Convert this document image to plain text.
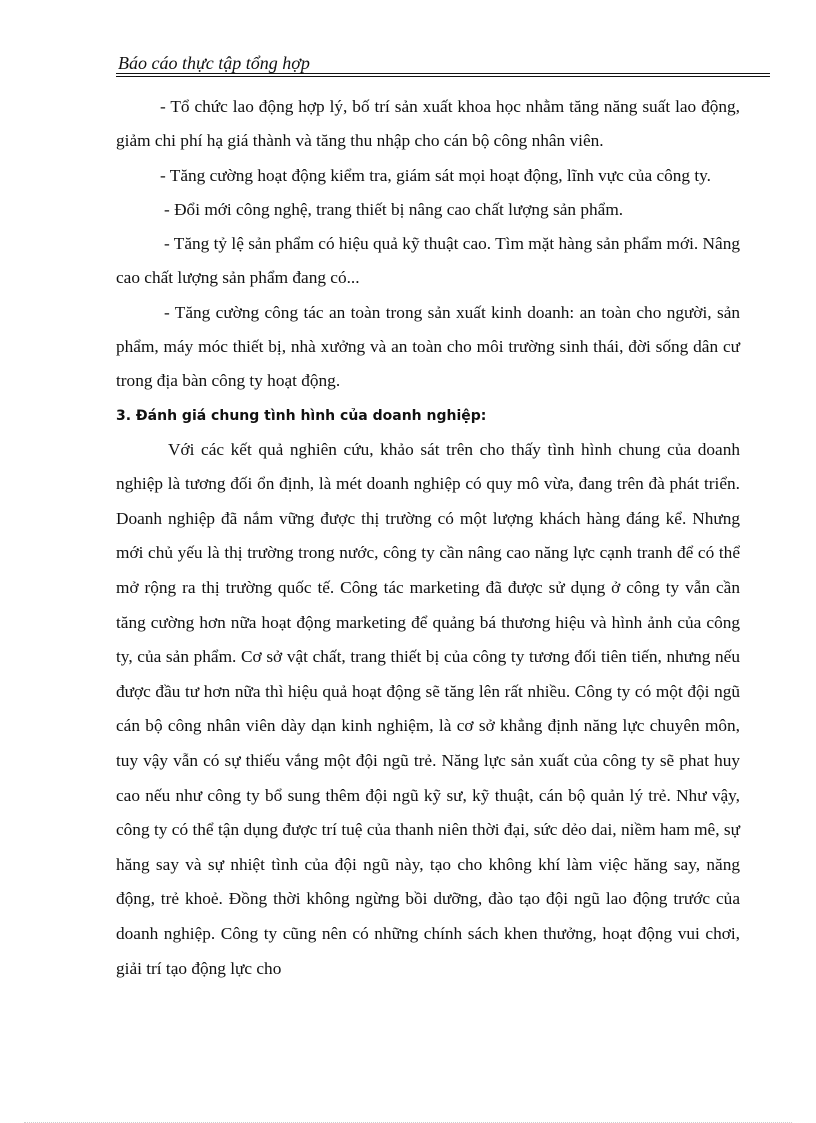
Báo cáo thực tập tổng hợp

- Tổ chức lao động hợp lý, bố trí sản xuất khoa học nhằm tăng năng suất lao động, giảm chi phí hạ giá thành và tăng thu nhập cho cán bộ công nhân viên.

- Tăng cường hoạt động kiểm tra, giám sát mọi hoạt động, lĩnh vực của công ty.

- Đổi mới công nghệ, trang thiết bị nâng cao chất lượng sản phẩm.

- Tăng tỷ lệ sản phẩm có hiệu quả kỹ thuật cao. Tìm mặt hàng sản phẩm mới. Nâng cao chất lượng sản phẩm đang có...

- Tăng cường công tác an toàn trong sản xuất kinh doanh: an toàn cho người, sản phẩm, máy móc thiết bị, nhà xưởng và an toàn cho môi trường sinh thái, đời sống dân cư trong địa bàn công ty hoạt động.

3. Đánh giá chung tình hình của doanh nghiệp:

Với các kết quả nghiên cứu, khảo sát trên cho thấy tình hình chung của doanh nghiệp là tương đối ổn định, là mét doanh nghiệp có quy mô vừa, đang trên đà phát triển. Doanh nghiệp đã nắm vững được thị trường có một lượng khách hàng đáng kể. Nhưng mới chủ yếu là thị trường trong nước, công ty cần nâng cao năng lực cạnh tranh để có thể mở rộng ra thị trường quốc tế. Công tác marketing đã được sử dụng ở công ty vẫn cần tăng cường hơn nữa hoạt động marketing để quảng bá thương hiệu và hình ảnh của công ty, của sản phẩm. Cơ sở vật chất, trang thiết bị của công ty tương đối tiên tiến, nhưng nếu được đầu tư hơn nữa thì hiệu quả hoạt động sẽ tăng lên rất nhiều. Công ty có một đội ngũ cán bộ công nhân viên dày dạn kinh nghiệm, là cơ sở khẳng định năng lực chuyên môn, tuy vậy vẫn có sự thiếu vắng một đội ngũ trẻ. Năng lực sản xuất của công ty sẽ phat huy cao nếu như công ty bổ sung thêm đội ngũ kỹ sư, kỹ thuật, cán bộ quản lý trẻ. Như vậy, công ty có thể tận dụng được trí tuệ của thanh niên thời đại, sức dẻo dai, niềm ham mê, sự hăng say và sự nhiệt tình của đội ngũ này, tạo cho không khí làm việc hăng say, năng động, trẻ khoẻ. Đồng thời không ngừng bồi dưỡng, đào tạo đội ngũ lao động trước của doanh nghiệp. Công ty cũng nên có những chính sách khen thưởng, hoạt động vui chơi, giải trí tạo động lực cho
